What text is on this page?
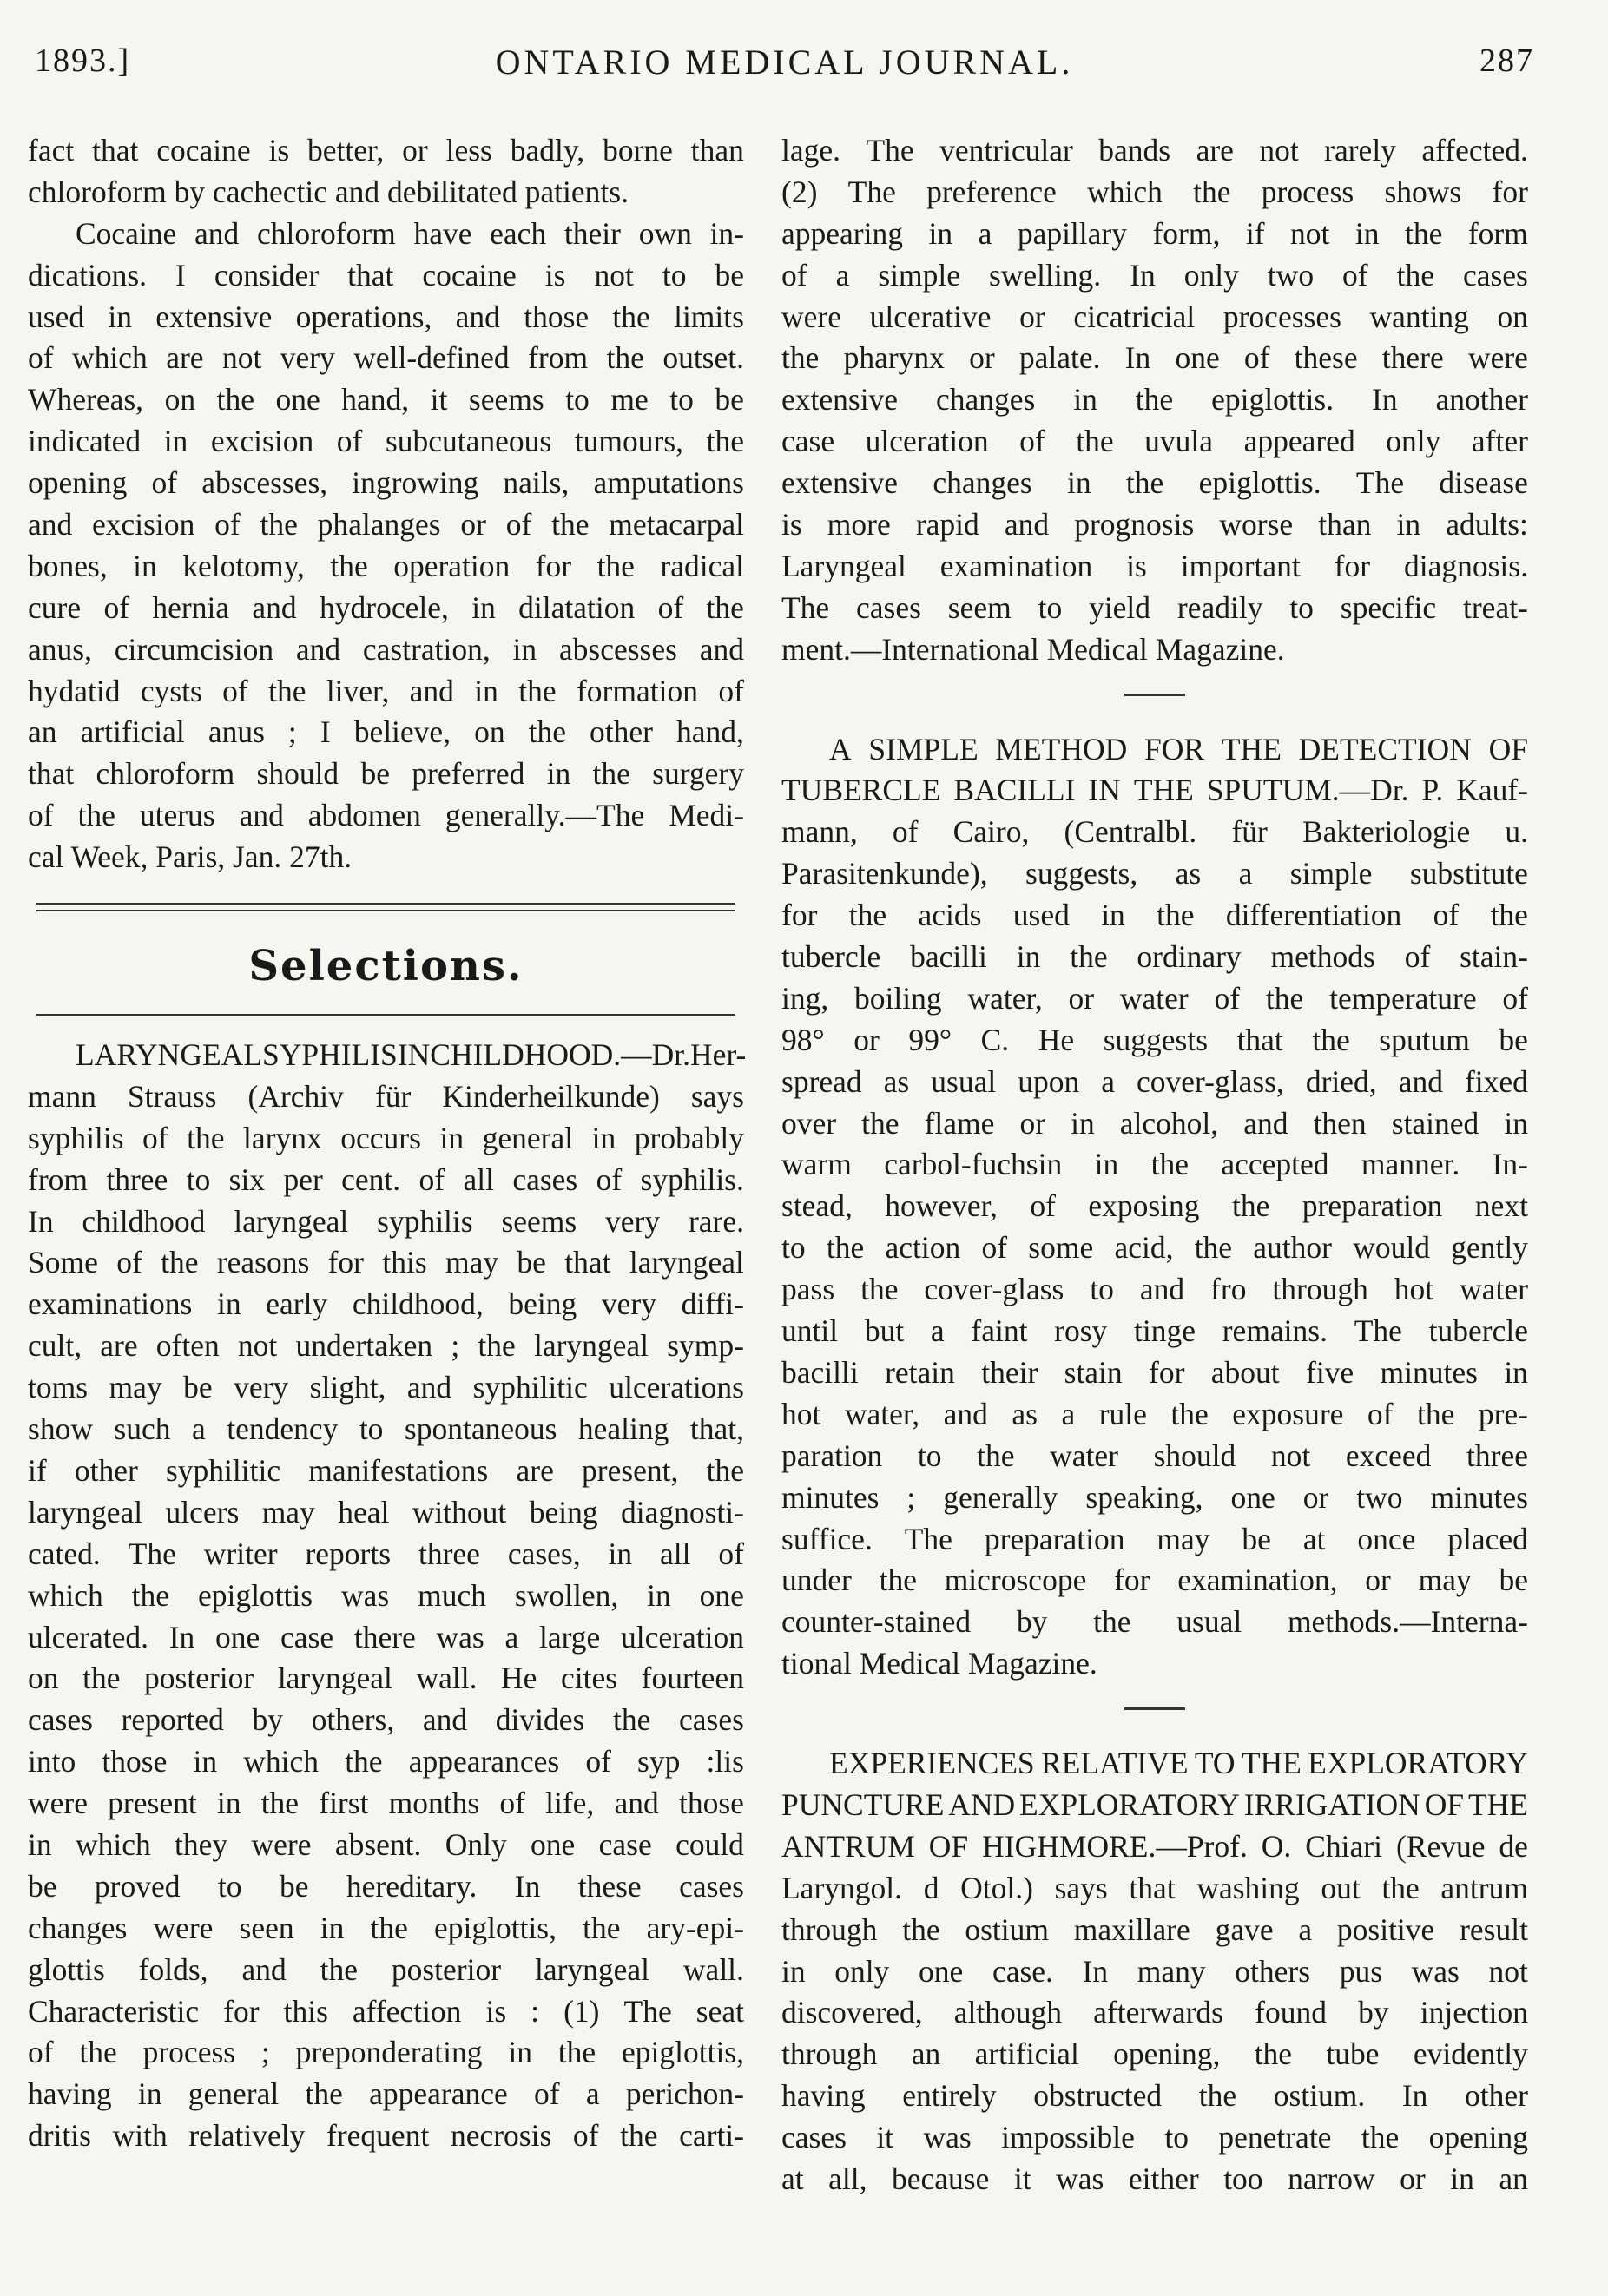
1893.]	ONTARIO MEDICAL JOURNAL.	287
fact that cocaine is better, or less badly, borne than
chloroform by cachectic and debilitated patients.
Cocaine and chloroform have each their own in-
dications. I consider that cocaine is not to be
used in extensive operations, and those the limits
of which are not very well-defined from the outset.
Whereas, on the one hand, it seems to me to be
indicated in excision of subcutaneous tumours, the
opening of abscesses, ingrowing nails, amputations
and excision of the phalanges or of the metacarpal
bones, in kelotomy, the operation for the radical
cure of hernia and hydrocele, in dilatation of the
anus, circumcision and castration, in abscesses and
hydatid cysts of the liver, and in the formation of
an artificial anus ; I believe, on the other hand,
that chloroform should be preferred in the surgery
of the uterus and abdomen generally.—The Medi-
cal Week, Paris, Jan. 27th.
Selections.
LARYNGEAL SYPHILIS IN CHILDHOOD.—Dr. Her-
mann Strauss (Archiv für Kinderheilkunde) says
syphilis of the larynx occurs in general in probably
from three to six per cent. of all cases of syphilis.
In childhood laryngeal syphilis seems very rare.
Some of the reasons for this may be that laryngeal
examinations in early childhood, being very diffi-
cult, are often not undertaken ; the laryngeal symp-
toms may be very slight, and syphilitic ulcerations
show such a tendency to spontaneous healing that,
if other syphilitic manifestations are present, the
laryngeal ulcers may heal without being diagnosti-
cated. The writer reports three cases, in all of
which the epiglottis was much swollen, in one
ulcerated. In one case there was a large ulceration
on the posterior laryngeal wall. He cites fourteen
cases reported by others, and divides the cases
into those in which the appearances of syp :lis
were present in the first months of life, and those
in which they were absent. Only one case could
be proved to be hereditary. In these cases
changes were seen in the epiglottis, the ary-epi-
glottis folds, and the posterior laryngeal wall.
Characteristic for this affection is : (1) The seat
of the process ; preponderating in the epiglottis,
having in general the appearance of a perichon-
dritis with relatively frequent necrosis of the carti-
lage. The ventricular bands are not rarely affected.
(2) The preference which the process shows for
appearing in a papillary form, if not in the form
of a simple swelling. In only two of the cases
were ulcerative or cicatricial processes wanting on
the pharynx or palate. In one of these there were
extensive changes in the epiglottis. In another
case ulceration of the uvula appeared only after
extensive changes in the epiglottis. The disease
is more rapid and prognosis worse than in adults:
Laryngeal examination is important for diagnosis.
The cases seem to yield readily to specific treat-
ment.—International Medical Magazine.
A SIMPLE METHOD FOR THE DETECTION OF
TUBERCLE BACILLI IN THE SPUTUM.—Dr. P. Kauf-
mann, of Cairo, (Centralbl. für Bakteriologie u.
Parasitenkunde), suggests, as a simple substitute
for the acids used in the differentiation of the
tubercle bacilli in the ordinary methods of stain-
ing, boiling water, or water of the temperature of
98° or 99° C. He suggests that the sputum be
spread as usual upon a cover-glass, dried, and fixed
over the flame or in alcohol, and then stained in
warm carbol-fuchsin in the accepted manner. In-
stead, however, of exposing the preparation next
to the action of some acid, the author would gently
pass the cover-glass to and fro through hot water
until but a faint rosy tinge remains. The tubercle
bacilli retain their stain for about five minutes in
hot water, and as a rule the exposure of the pre-
paration to the water should not exceed three
minutes ; generally speaking, one or two minutes
suffice. The preparation may be at once placed
under the microscope for examination, or may be
counter-stained by the usual methods.—Interna-
tional Medical Magazine.
EXPERIENCES RELATIVE TO THE EXPLORATORY
PUNCTURE AND EXPLORATORY IRRIGATION OF THE
ANTRUM OF HIGHMORE.—Prof. O. Chiari (Revue de
Laryngol. d Otol.) says that washing out the antrum
through the ostium maxillare gave a positive result
in only one case. In many others pus was not
discovered, although afterwards found by injection
through an artificial opening, the tube evidently
having entirely obstructed the ostium. In other
cases it was impossible to penetrate the opening
at all, because it was either too narrow or in an
